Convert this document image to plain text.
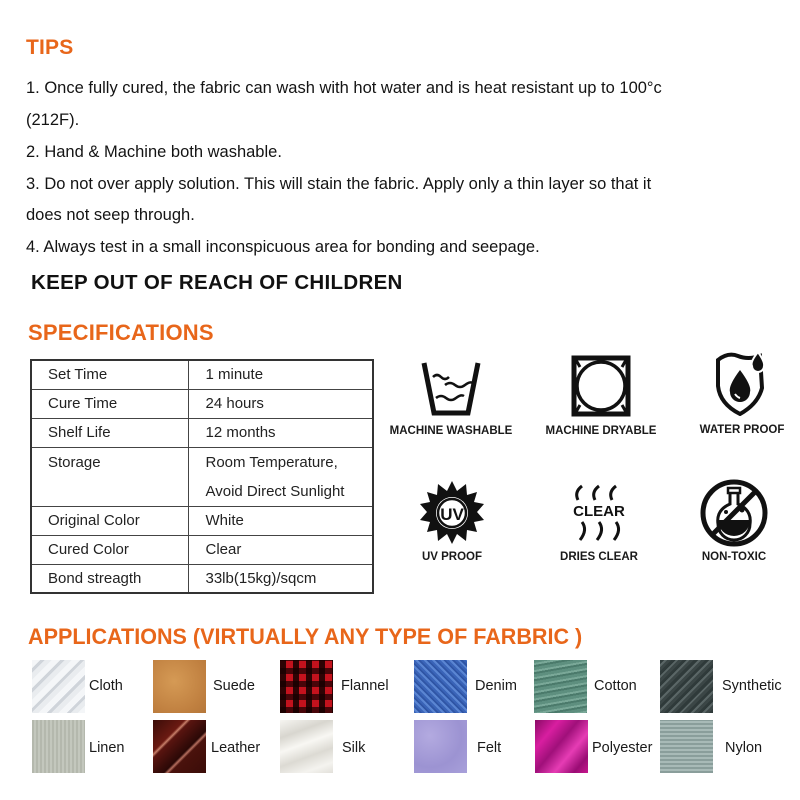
TIPS
1. Once fully cured, the fabric can wash with hot water and is heat resistant up to 100°c
(212F).
2. Hand & Machine both washable.
3. Do not over apply solution. This will stain the fabric. Apply only a thin layer so that it
does not seep through.
4. Always test in a small inconspicuous area for bonding and seepage.
KEEP OUT OF REACH OF CHILDREN
SPECIFICATIONS
Set Time	1 minute
Cure Time	24 hours
Shelf Life	12 months
Storage	Room Temperature,
Avoid Direct Sunlight

Original Color	White
Cured Color	Clear
Bond streagth	33lb(15kg)/sqcm
MACHINE WASHABLE	MACHINE DRYABLE	WATER PROOF
UV
UV PROOF
CLEAR
DRIES CLEAR	NON-TOXIC
APPLICATIONS (VIRTUALLY ANY TYPE OF FARBRIC )
Cloth	Suede	Flannel	Denim	Cotton	Synthetic
Linen	Leather	Silk	Felt	Polyester	Nylon
